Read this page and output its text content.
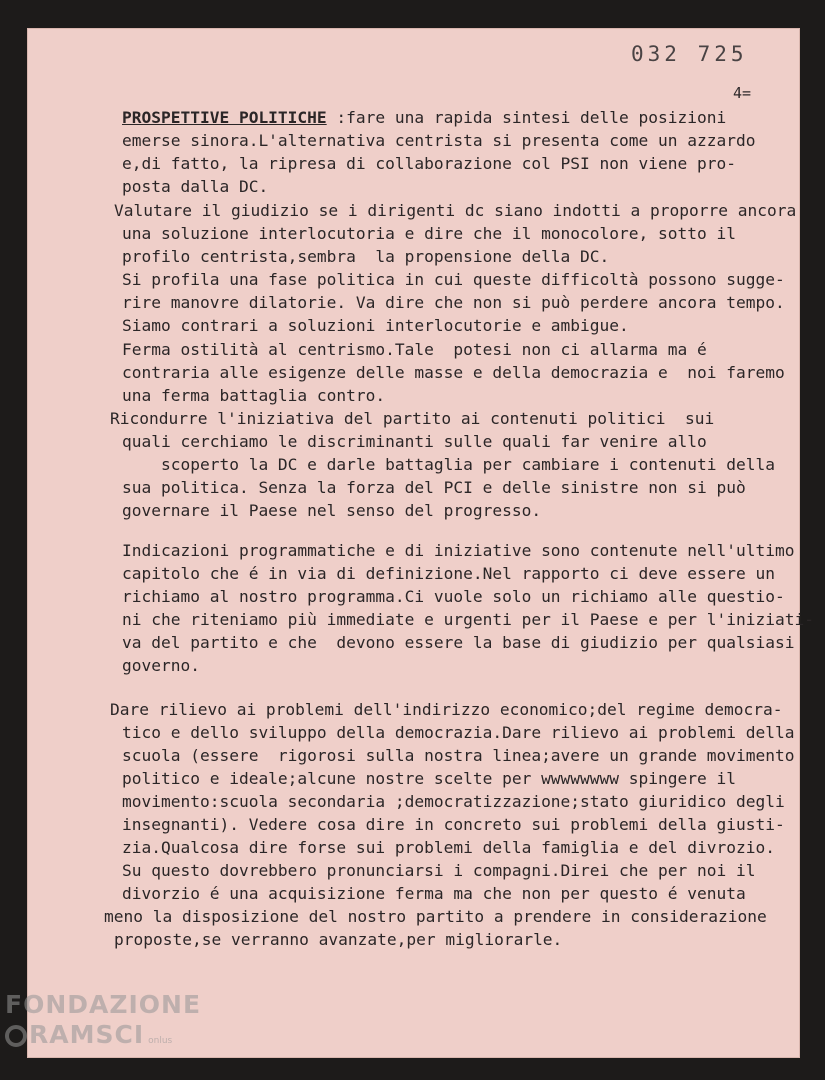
032 725
4=
PROSPETTIVE POLITICHE :fare una rapida sintesi delle posizioni
emerse sinora.L'alternativa centrista si presenta come un azzardo
e,di fatto, la ripresa di collaborazione col PSI non viene pro-
posta dalla DC.
Valutare il giudizio se i dirigenti dc siano indotti a proporre ancora
una soluzione interlocutoria e dire che il monocolore, sotto il
profilo centrista,sembra  la propensione della DC.
Si profila una fase politica in cui queste difficoltà possono sugge-
rire manovre dilatorie. Va dire che non si può perdere ancora tempo.
Siamo contrari a soluzioni interlocutorie e ambigue.
Ferma ostilità al centrismo.Tale  potesi non ci allarma ma é
contraria alle esigenze delle masse e della democrazia e  noi faremo
una ferma battaglia contro.
Ricondurre l'iniziativa del partito ai contenuti politici  sui
quali cerchiamo le discriminanti sulle quali far venire allo
scoperto la DC e darle battaglia per cambiare i contenuti della
sua politica. Senza la forza del PCI e delle sinistre non si può
governare il Paese nel senso del progresso.
Indicazioni programmatiche e di iniziative sono contenute nell'ultimo
capitolo che é in via di definizione.Nel rapporto ci deve essere un
richiamo al nostro programma.Ci vuole solo un richiamo alle questio-
ni che riteniamo più immediate e urgenti per il Paese e per l'iniziati-
va del partito e che  devono essere la base di giudizio per qualsiasi
governo.
Dare rilievo ai problemi dell'indirizzo economico;del regime democra-
tico e dello sviluppo della democrazia.Dare rilievo ai problemi della
scuola (essere  rigorosi sulla nostra linea;avere un grande movimento
politico e ideale;alcune nostre scelte per wwwwwwww spingere il
movimento:scuola secondaria ;democratizzazione;stato giuridico degli
insegnanti). Vedere cosa dire in concreto sui problemi della giusti-
zia.Qualcosa dire forse sui problemi della famiglia e del divrozio.
Su questo dovrebbero pronunciarsi i compagni.Direi che per noi il
divorzio é una acquisizione ferma ma che non per questo é venuta
meno la disposizione del nostro partito a prendere in considerazione
proposte,se verranno avanzate,per migliorarle.
FONDAZIONE
RAMSCI onlus
